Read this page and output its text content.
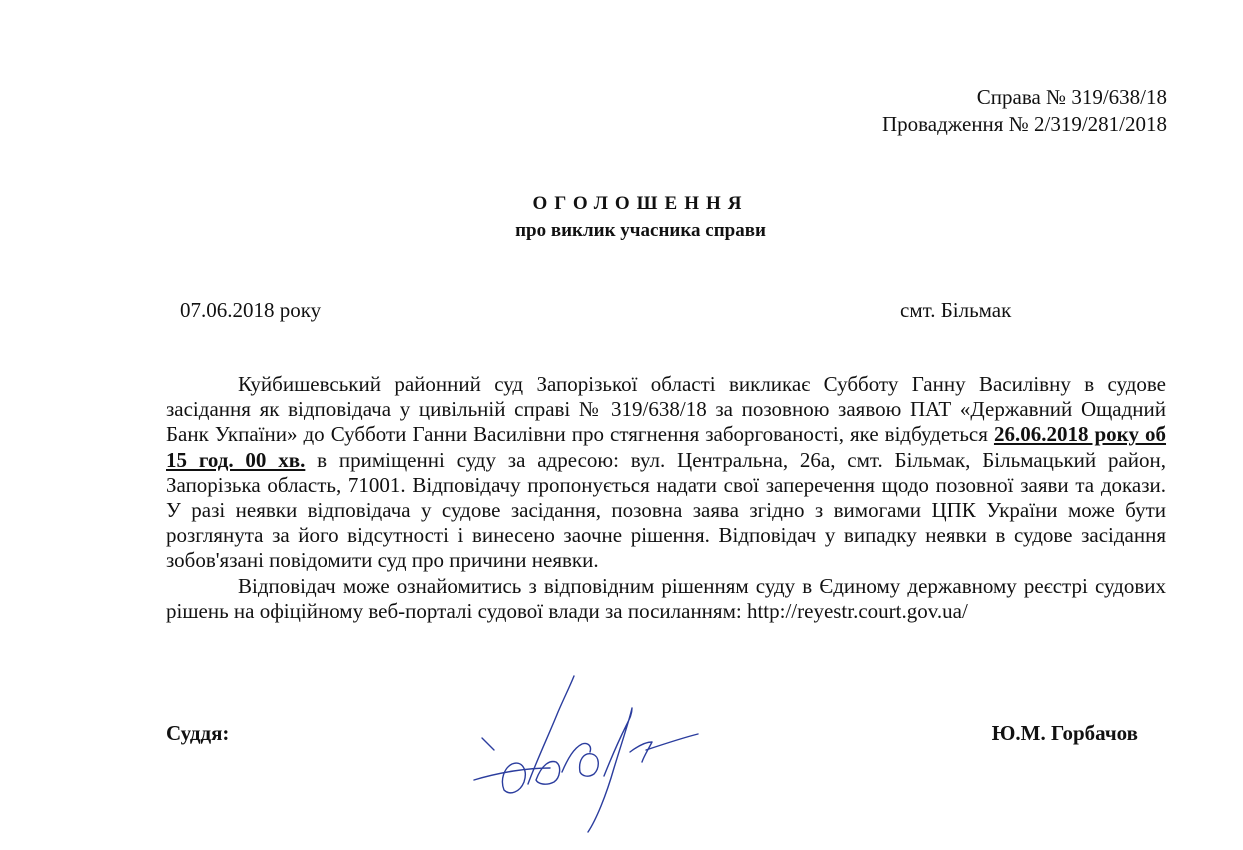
Справа № 319/638/18
Провадження № 2/319/281/2018
ОГОЛОШЕННЯ
про виклик учасника справи
07.06.2018 року	смт. Більмак

Куйбишевський районний суд Запорізької області викликає Субботу Ганну Василівну в судове засідання як відповідача у цивільній справі № 319/638/18 за позовною заявою ПАТ «Державний Ощадний Банк Укпаїни» до Субботи Ганни Василівни про стягнення заборгованості, яке відбудеться 26.06.2018 року об 15 год. 00 хв. в приміщенні суду за адресою: вул. Центральна, 26а, смт. Більмак, Більмацький район, Запорізька область, 71001. Відповідачу пропонується надати свої заперечення щодо позовної заяви та докази. У разі неявки відповідача у судове засідання, позовна заява згідно з вимогами ЦПК України може бути розглянута за його відсутності і винесено заочне рішення. Відповідач у випадку неявки в судове засідання зобов'язані повідомити суд про причини неявки.

Відповідач може ознайомитись з відповідним рішенням суду в Єдиному державному реєстрі судових рішень на офіційному веб-порталі судової влади за посиланням: http://reyestr.court.gov.ua/

Суддя:	Ю.М. Горбачов
